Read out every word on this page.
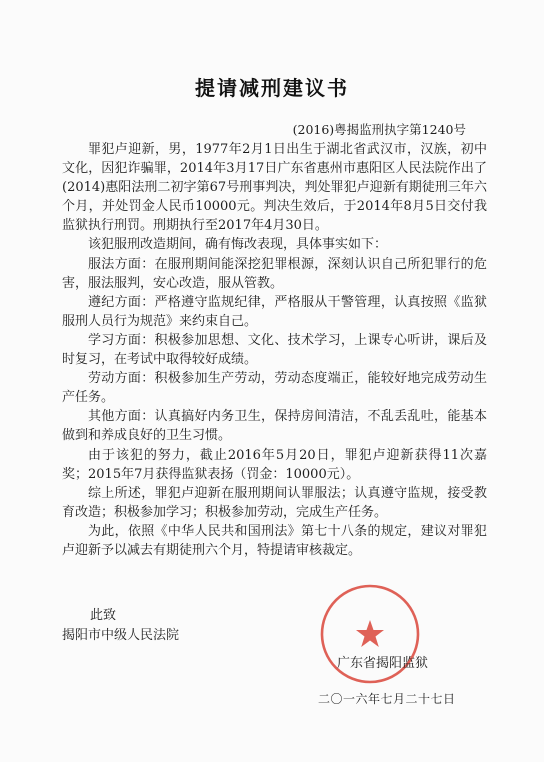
提请减刑建议书
(2016)粤揭监刑执字第1240号

罪犯卢迎新，男，1977年2月1日出生于湖北省武汉市，汉族，初中文化，因犯诈骗罪，2014年3月17日广东省惠州市惠阳区人民法院作出了(2014)惠阳法刑二初字第67号刑事判决，判处罪犯卢迎新有期徒刑三年六个月，并处罚金人民币10000元。判决生效后，于2014年8月5日交付我监狱执行刑罚。刑期执行至2017年4月30日。

该犯服刑改造期间，确有悔改表现，具体事实如下：

服法方面：在服刑期间能深挖犯罪根源，深刻认识自己所犯罪行的危害，服法服判，安心改造，服从管教。

遵纪方面：严格遵守监规纪律，严格服从干警管理，认真按照《监狱服刑人员行为规范》来约束自己。

学习方面：积极参加思想、文化、技术学习，上课专心听讲，课后及时复习，在考试中取得较好成绩。

劳动方面：积极参加生产劳动，劳动态度端正，能较好地完成劳动生产任务。

其他方面：认真搞好内务卫生，保持房间清洁，不乱丢乱吐，能基本做到和养成良好的卫生习惯。

由于该犯的努力，截止2016年5月20日，罪犯卢迎新获得11次嘉奖；2015年7月获得监狱表扬（罚金：10000元）。

综上所述，罪犯卢迎新在服刑期间认罪服法；认真遵守监规，接受教育改造；积极参加学习；积极参加劳动，完成生产任务。

为此，依照《中华人民共和国刑法》第七十八条的规定，建议对罪犯卢迎新予以减去有期徒刑六个月，特提请审核裁定。

此致
揭阳市中级人民法院
广东省揭阳监狱
二〇一六年七月二十七日
